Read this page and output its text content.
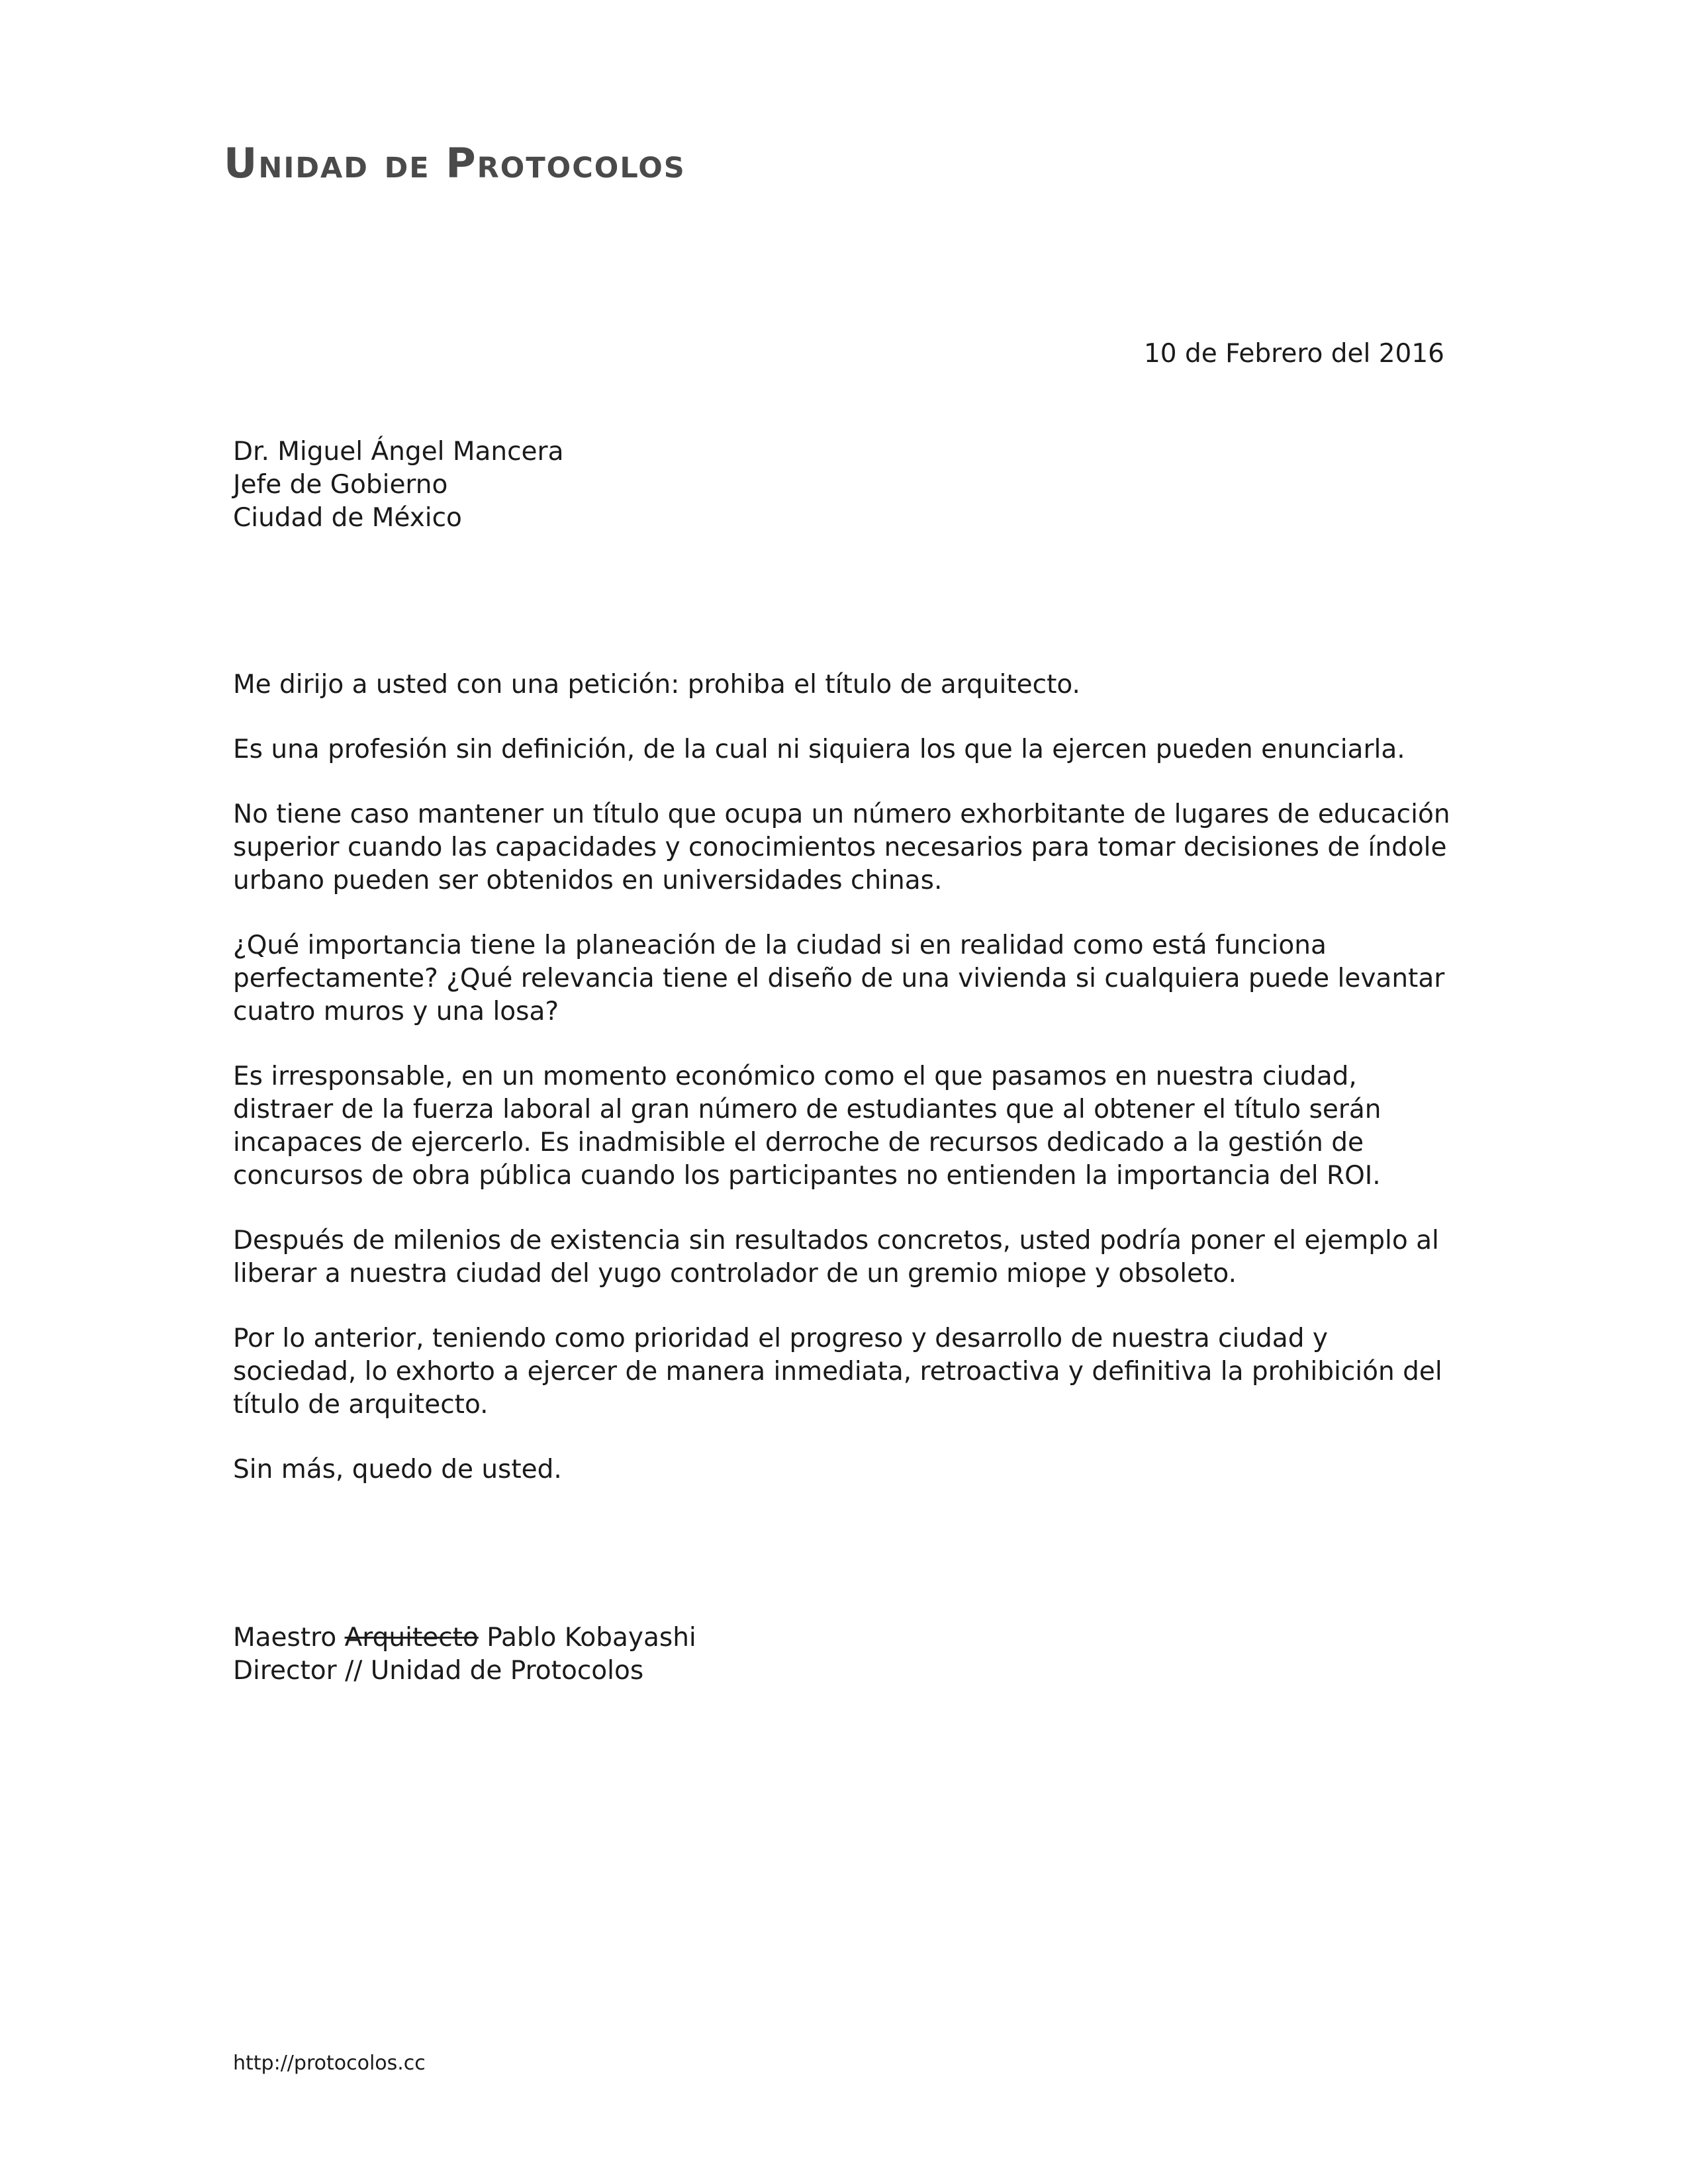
Unidad de Protocolos
10 de Febrero del 2016
Dr. Miguel Ángel Mancera
Jefe de Gobierno
Ciudad de México

Me dirijo a usted con una petición: prohiba el título de arquitecto.

Es una profesión sin definición, de la cual ni siquiera los que la ejercen pueden enunciarla.

No tiene caso mantener un título que ocupa un número exhorbitante de lugares de educación superior cuando las capacidades y conocimientos necesarios para tomar decisiones de índole urbano pueden ser obtenidos en universidades chinas.

¿Qué importancia tiene la planeación de la ciudad si en realidad como está funciona perfectamente? ¿Qué relevancia tiene el diseño de una vivienda si cualquiera puede levantar cuatro muros y una losa?

Es irresponsable, en un momento económico como el que pasamos en nuestra ciudad, distraer de la fuerza laboral al gran número de estudiantes que al obtener el título serán incapaces de ejercerlo. Es inadmisible el derroche de recursos dedicado a la gestión de concursos de obra pública cuando los participantes no entienden la importancia del ROI.

Después de milenios de existencia sin resultados concretos, usted podría poner el ejemplo al liberar a nuestra ciudad del yugo controlador de un gremio miope y obsoleto.

Por lo anterior, teniendo como prioridad el progreso y desarrollo de nuestra ciudad y sociedad, lo exhorto a ejercer de manera inmediata, retroactiva y definitiva la prohibición del título de arquitecto.

Sin más, quedo de usted.

Maestro Arquitecto Pablo Kobayashi
Director // Unidad de Protocolos
http://protocolos.cc
